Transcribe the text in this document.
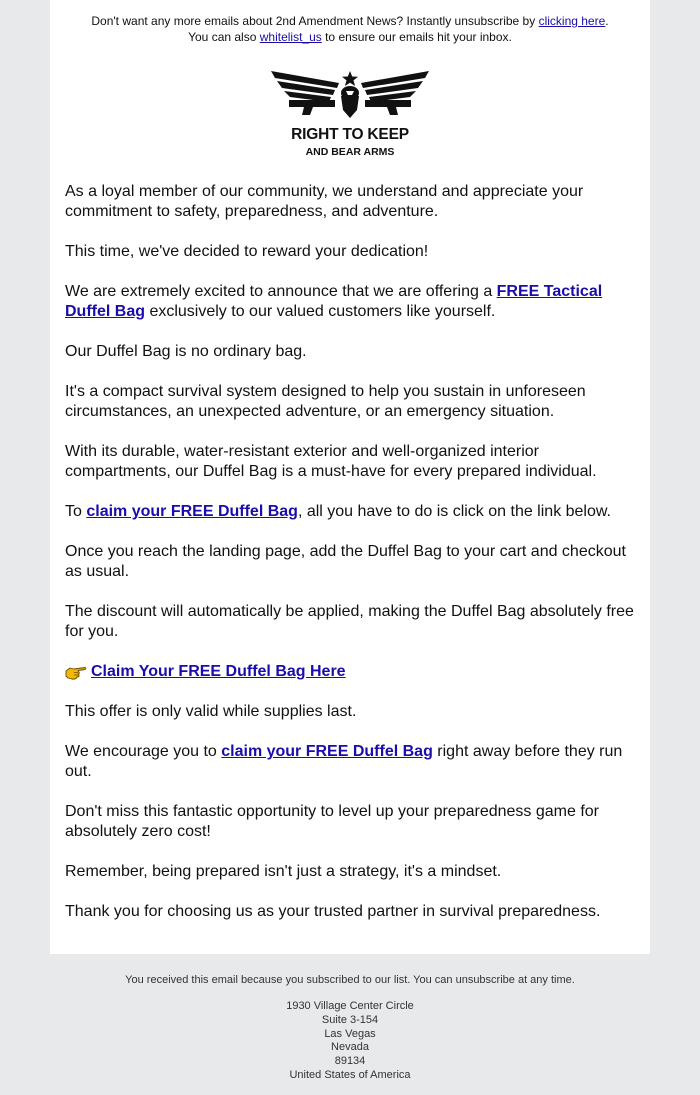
Don't want any more emails about 2nd Amendment News? Instantly unsubscribe by clicking here.
You can also whitelist_us to ensure our emails hit your inbox.
RIGHT TO KEEP
AND BEAR ARMS

As a loyal member of our community, we understand and appreciate your commitment to safety, preparedness, and adventure.

This time, we've decided to reward your dedication!

We are extremely excited to announce that we are offering a FREE Tactical Duffel Bag exclusively to our valued customers like yourself.

Our Duffel Bag is no ordinary bag.

It's a compact survival system designed to help you sustain in unforeseen circumstances, an unexpected adventure, or an emergency situation.

With its durable, water-resistant exterior and well-organized interior compartments, our Duffel Bag is a must-have for every prepared individual.

To claim your FREE Duffel Bag, all you have to do is click on the link below.

Once you reach the landing page, add the Duffel Bag to your cart and checkout as usual.

The discount will automatically be applied, making the Duffel Bag absolutely free for you.

Claim Your FREE Duffel Bag Here

This offer is only valid while supplies last.

We encourage you to claim your FREE Duffel Bag right away before they run out.

Don't miss this fantastic opportunity to level up your preparedness game for absolutely zero cost!

Remember, being prepared isn't just a strategy, it's a mindset.

Thank you for choosing us as your trusted partner in survival preparedness.

You received this email because you subscribed to our list. You can unsubscribe at any time.
1930 Village Center Circle
Suite 3-154
Las Vegas
Nevada
89134
United States of America
